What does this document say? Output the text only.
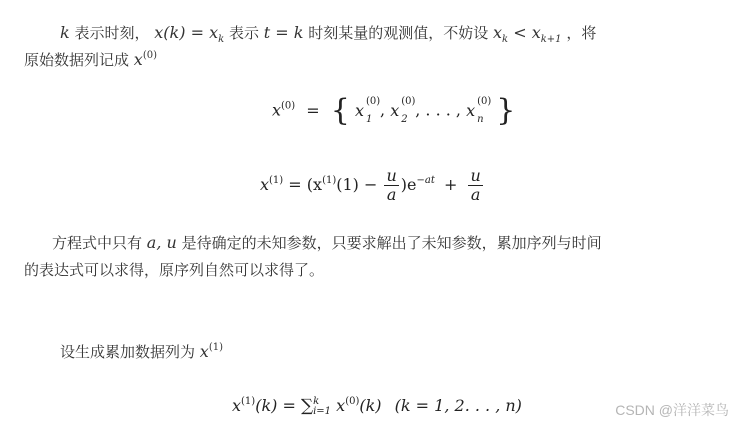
k 表示时刻， $x(k) = x_k$ 表示 t = k 时刻某量的观测值，不妨设 $x_k < x_{k+1}$ ，将
原始数据列记成 $x^{(0)}$
$x^{(0)}$ = { x (0)
1 , x (0)
2 , . . . , x (0)
n }
$x^{(1)} = (x^{(1)}(1) - \frac{u}{a} )e^{-at} + \frac{u}{a}$
方程式中只有 a, u 是待确定的未知参数，只要求解出了未知参数，累加序列与时间
的表达式可以求得，原序列自然可以求得了。
设生成累加数据列为 $x^{(1)}$
$x^{(1)}(k)$ = ∑ k
i=1 $x^{(0)}(k) (k = 1$, 2. . . , n)	CSDN @洋洋菜鸟
